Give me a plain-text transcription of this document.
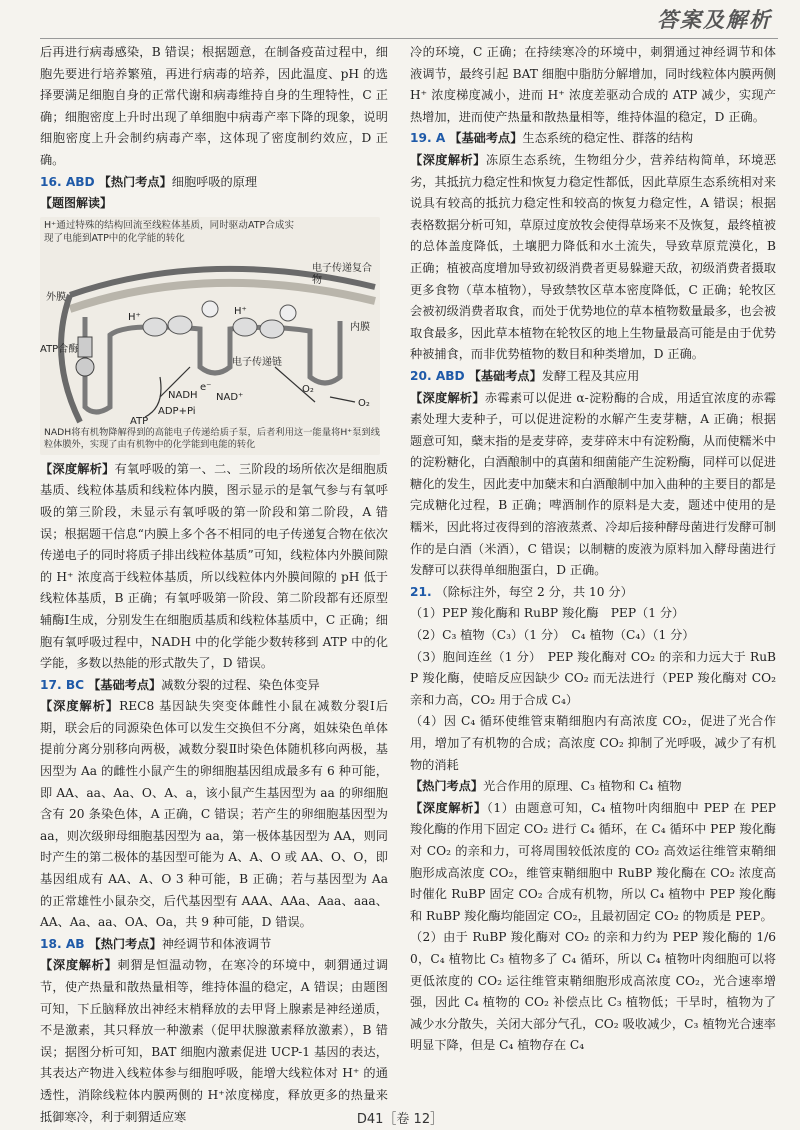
答案及解析

后再进行病毒感染，B 错误；根据题意，在制备疫苗过程中，细胞先要进行培养繁殖，再进行病毒的培养，因此温度、pH 的选择要满足细胞自身的正常代谢和病毒维持自身的生理特性，C 正确；细胞密度上升时出现了单细胞中病毒产率下降的现象，说明细胞密度上升会制约病毒产率，这体现了密度制约效应，D 正确。

16. ABD 【热门考点】细胞呼吸的原理

【题图解读】

H⁺通过特殊的结构回流至线粒体基质，同时驱动ATP合成实现了电能到ATP中的化学能的转化
电子传递复合物
外膜
内膜
ATP合酶
H⁺
H⁺
电子传递链
e⁻
NADH NAD⁺
O₂
O₂
ATP
ADP+Pi
NADH将有机物降解得到的高能电子传递给质子泵，后者利用这一能量将H⁺泵到线粒体膜外，实现了由有机物中的化学能到电能的转化

【深度解析】有氧呼吸的第一、二、三阶段的场所依次是细胞质基质、线粒体基质和线粒体内膜，图示显示的是氧气参与有氧呼吸的第三阶段，未显示有氧呼吸的第一阶段和第二阶段，A 错误；根据题干信息“内膜上多个各不相同的电子传递复合物在依次传递电子的同时将质子排出线粒体基质”可知，线粒体内外膜间隙的 H⁺ 浓度高于线粒体基质，所以线粒体内外膜间隙的 pH 低于线粒体基质，B 正确；有氧呼吸第一阶段、第二阶段都有还原型辅酶Ⅰ生成，分别发生在细胞质基质和线粒体基质中，C 正确；细胞有氧呼吸过程中，NADH 中的化学能少数转移到 ATP 中的化学能，多数以热能的形式散失了，D 错误。

17. BC 【基础考点】减数分裂的过程、染色体变异

【深度解析】REC8 基因缺失突变体雌性小鼠在减数分裂Ⅰ后期，联会后的同源染色体可以发生交换但不分离，姐妹染色单体提前分离分别移向两极，减数分裂Ⅱ时染色体随机移向两极，基因型为 Aa 的雌性小鼠产生的卵细胞基因组成最多有 6 种可能，即 AA、aa、Aa、O、A、a，该小鼠产生基因型为 aa 的卵细胞含有 20 条染色体，A 正确，C 错误；若产生的卵细胞基因型为 aa，则次级卵母细胞基因型为 aa，第一极体基因型为 AA，则同时产生的第二极体的基因型可能为 A、A、O 或 AA、O、O，即基因组成有 AA、A、O 3 种可能，B 正确；若与基因型为 Aa 的正常雄性小鼠杂交，后代基因型有 AAA、AAa、Aaa、aaa、AA、Aa、aa、OA、Oa，共 9 种可能，D 错误。

18. AB 【热门考点】神经调节和体液调节

【深度解析】刺猬是恒温动物，在寒冷的环境中，刺猬通过调节，使产热量和散热量相等，维持体温的稳定，A 错误；由题图可知，下丘脑释放出神经末梢释放的去甲肾上腺素是神经递质，不是激素，其只释放一种激素（促甲状腺激素释放激素），B 错误；据图分析可知，BAT 细胞内激素促进 UCP-1 基因的表达，其表达产物进入线粒体参与细胞呼吸，能增大线粒体对 H⁺ 的通透性，消除线粒体内膜两侧的 H⁺浓度梯度，释放更多的热量来抵御寒冷，利于刺猬适应寒

冷的环境，C 正确；在持续寒冷的环境中，刺猬通过神经调节和体液调节，最终引起 BAT 细胞中脂肪分解增加，同时线粒体内膜两侧 H⁺ 浓度梯度减小，进而 H⁺ 浓度差驱动合成的 ATP 减少，实现产热增加，进而使产热量和散热量相等，维持体温的稳定，D 正确。

19. A 【基础考点】生态系统的稳定性、群落的结构

【深度解析】冻原生态系统，生物组分少，营养结构简单，环境恶劣，其抵抗力稳定性和恢复力稳定性都低，因此草原生态系统相对来说具有较高的抵抗力稳定性和较高的恢复力稳定性，A 错误；根据表格数据分析可知，草原过度放牧会使得草场来不及恢复，最终植被的总体盖度降低，土壤肥力降低和水土流失，导致草原荒漠化，B 正确；植被高度增加导致初级消费者更易躲避天敌，初级消费者摄取更多食物（草本植物），导致禁牧区草本密度降低，C 正确；轮牧区会被初级消费者取食，而处于优势地位的草本植物数量最多，也会被取食最多，因此草本植物在轮牧区的地上生物量最高可能是由于优势种被捕食，而非优势植物的数目和种类增加，D 正确。

20. ABD 【基础考点】发酵工程及其应用

【深度解析】赤霉素可以促进 α-淀粉酶的合成，用适宜浓度的赤霉素处理大麦种子，可以促进淀粉的水解产生麦芽糖，A 正确；根据题意可知，蘖末指的是麦芽碎，麦芽碎末中有淀粉酶，从而使糯米中的淀粉糖化，白酒酿制中的真菌和细菌能产生淀粉酶，同样可以促进糖化的发生，因此麦中加蘖末和白酒酿制中加入曲种的主要目的都是完成糖化过程，B 正确；啤酒制作的原料是大麦，题述中使用的是糯米，因此将过夜得到的溶液蒸煮、冷却后接种酵母菌进行发酵可制作的是白酒（米酒），C 错误；以制糖的废液为原料加入酵母菌进行发酵可以获得单细胞蛋白，D 正确。

21. （除标注外，每空 2 分，共 10 分）

（1）PEP 羧化酶和 RuBP 羧化酶　PEP（1 分）

（2）C₃ 植物（C₃）（1 分）　C₄ 植物（C₄）（1 分）

（3）胞间连丝（1 分）　PEP 羧化酶对 CO₂ 的亲和力远大于 RuBP 羧化酶，使暗反应因缺少 CO₂ 而无法进行（PEP 羧化酶对 CO₂ 亲和力高，CO₂ 用于合成 C₄）

（4）因 C₄ 循环使维管束鞘细胞内有高浓度 CO₂，促进了光合作用，增加了有机物的合成；高浓度 CO₂ 抑制了光呼吸，减少了有机物的消耗

【热门考点】光合作用的原理、C₃ 植物和 C₄ 植物

【深度解析】（1）由题意可知，C₄ 植物叶肉细胞中 PEP 在 PEP 羧化酶的作用下固定 CO₂ 进行 C₄ 循环，在 C₄ 循环中 PEP 羧化酶对 CO₂ 的亲和力，可将周围较低浓度的 CO₂ 高效运往维管束鞘细胞形成高浓度 CO₂，维管束鞘细胞中 RuBP 羧化酶在 CO₂ 浓度高时催化 RuBP 固定 CO₂ 合成有机物，所以 C₄ 植物中 PEP 羧化酶和 RuBP 羧化酶均能固定 CO₂，且最初固定 CO₂ 的物质是 PEP。

（2）由于 RuBP 羧化酶对 CO₂ 的亲和力约为 PEP 羧化酶的 1/60，C₄ 植物比 C₃ 植物多了 C₄ 循环，所以 C₄ 植物叶肉细胞可以将更低浓度的 CO₂ 运往维管束鞘细胞形成高浓度 CO₂，光合速率增强，因此 C₄ 植物的 CO₂ 补偿点比 C₃ 植物低；干旱时，植物为了减少水分散失，关闭大部分气孔，CO₂ 吸收减少，C₃ 植物光合速率明显下降，但是 C₄ 植物存在 C₄

D41［卷 12］
